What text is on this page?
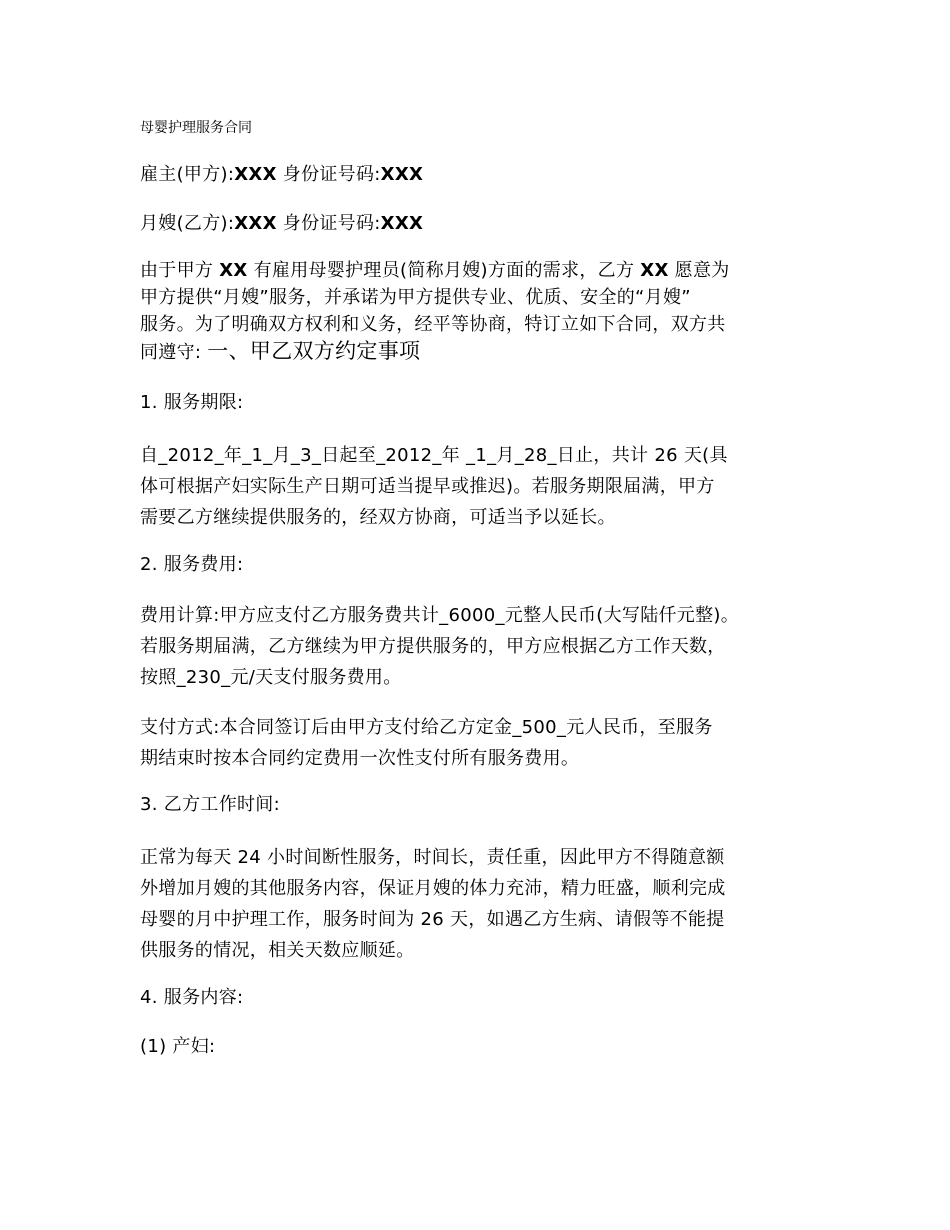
母婴护理服务合同
雇主(甲方):XXX 身份证号码:XXX
月嫂(乙方):XXX 身份证号码:XXX
由于甲方 XX 有雇用母婴护理员(简称月嫂)方面的需求，乙方 XX 愿意为
甲方提供“月嫂”服务，并承诺为甲方提供专业、优质、安全的“月嫂”
服务。为了明确双方权利和义务，经平等协商，特订立如下合同，双方共
同遵守: 一、甲乙双方约定事项
1. 服务期限:
自_2012_年_1_月_3_日起至_2012_年 _1_月_28_日止，共计 26 天(具
体可根据产妇实际生产日期可适当提早或推迟)。若服务期限届满，甲方
需要乙方继续提供服务的，经双方协商，可适当予以延长。
2. 服务费用:
费用计算:甲方应支付乙方服务费共计_6000_元整人民币(大写陆仟元整)。
若服务期届满，乙方继续为甲方提供服务的，甲方应根据乙方工作天数，
按照_230_元/天支付服务费用。
支付方式:本合同签订后由甲方支付给乙方定金_500_元人民币，至服务
期结束时按本合同约定费用一次性支付所有服务费用。
3. 乙方工作时间:
正常为每天 24 小时间断性服务，时间长，责任重，因此甲方不得随意额
外增加月嫂的其他服务内容，保证月嫂的体力充沛，精力旺盛，顺利完成
母婴的月中护理工作，服务时间为 26 天，如遇乙方生病、请假等不能提
供服务的情况，相关天数应顺延。
4. 服务内容:
(1) 产妇:
